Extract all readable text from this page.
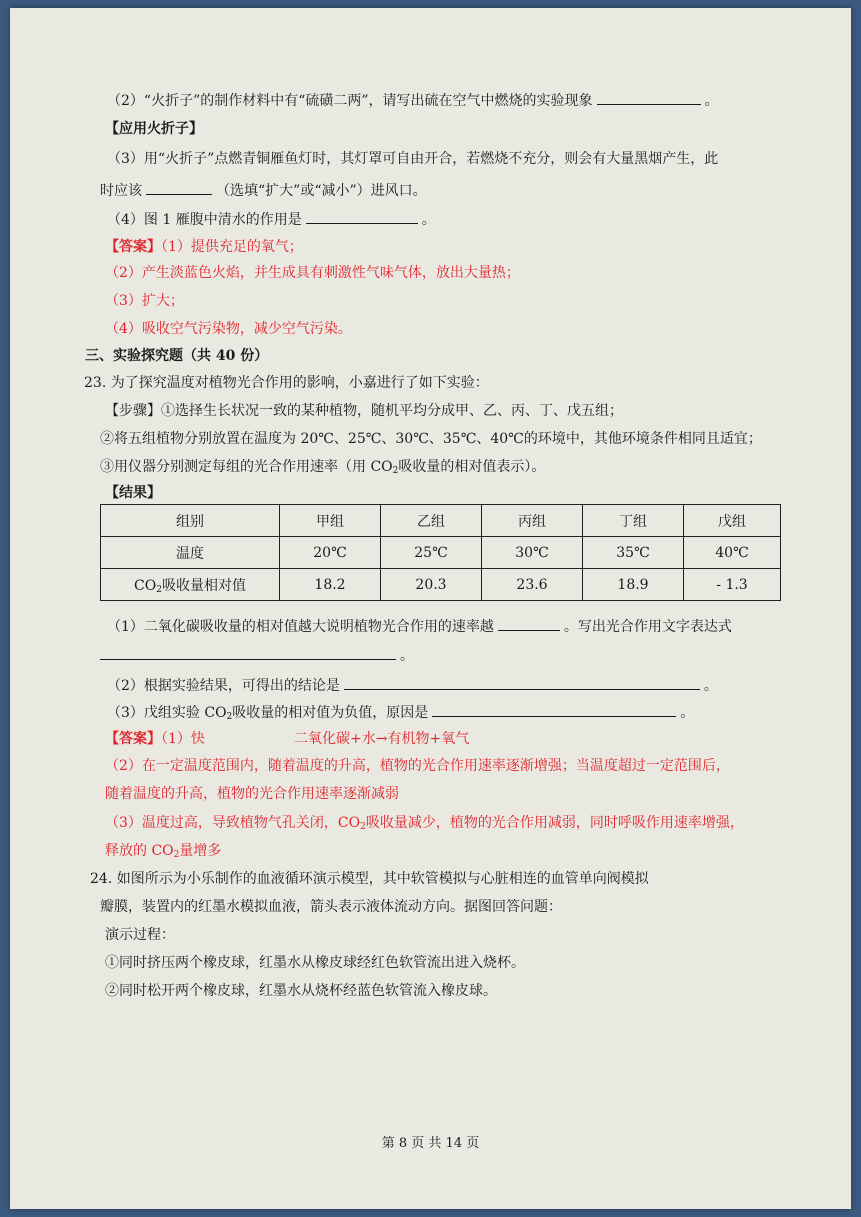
（2）“火折子”的制作材料中有“硫磺二两”，请写出硫在空气中燃烧的实验现象	。
【应用火折子】
（3）用“火折子”点燃青铜雁鱼灯时，其灯罩可自由开合，若燃烧不充分，则会有大量黑烟产生，此
时应该	（选填“扩大”或“减小”）进风口。
（4）图 1 雁腹中清水的作用是	。
【答案】（1）提供充足的氧气；
（2）产生淡蓝色火焰，并生成具有刺激性气味气体，放出大量热；
（3）扩大；
（4）吸收空气污染物，减少空气污染。
三、实验探究题（共 40 份）
23. 为了探究温度对植物光合作用的影响，小嘉进行了如下实验：
【步骤】①选择生长状况一致的某种植物，随机平均分成甲、乙、丙、丁、戊五组；
②将五组植物分别放置在温度为 20℃、25℃、30℃、35℃、40℃的环境中，其他环境条件相同且适宜；
③用仪器分别测定每组的光合作用速率（用 $CO_2$吸收量的相对值表示）。
【结果】
组别	甲组	乙组	丙组	丁组	戊组
温度	20℃	25℃	30℃	35℃	40℃
$CO_2$吸收量相对值	18.2	20.3	23.6	18.9	- 1.3
（1）二氧化碳吸收量的相对值越大说明植物光合作用的速率越	。写出光合作用文字表达式
。
（2）根据实验结果，可得出的结论是	。
（3）戊组实验 $CO_2$吸收量的相对值为负值，原因是	。
【答案】（1）快	二氧化碳+水→有机物+氧气
（2）在一定温度范围内，随着温度的升高，植物的光合作用速率逐渐增强；当温度超过一定范围后，
随着温度的升高，植物的光合作用速率逐渐减弱
（3）温度过高，导致植物气孔关闭，$CO_2$吸收量减少，植物的光合作用减弱，同时呼吸作用速率增强，
释放的 $CO_2$量增多
24. 如图所示为小乐制作的血液循环演示模型，其中软管模拟与心脏相连的血管单向阀模拟
瓣膜，装置内的红墨水模拟血液，箭头表示液体流动方向。据图回答问题：
演示过程：
①同时挤压两个橡皮球，红墨水从橡皮球经红色软管流出进入烧杯。
②同时松开两个橡皮球，红墨水从烧杯经蓝色软管流入橡皮球。
第 8 页 共 14 页
